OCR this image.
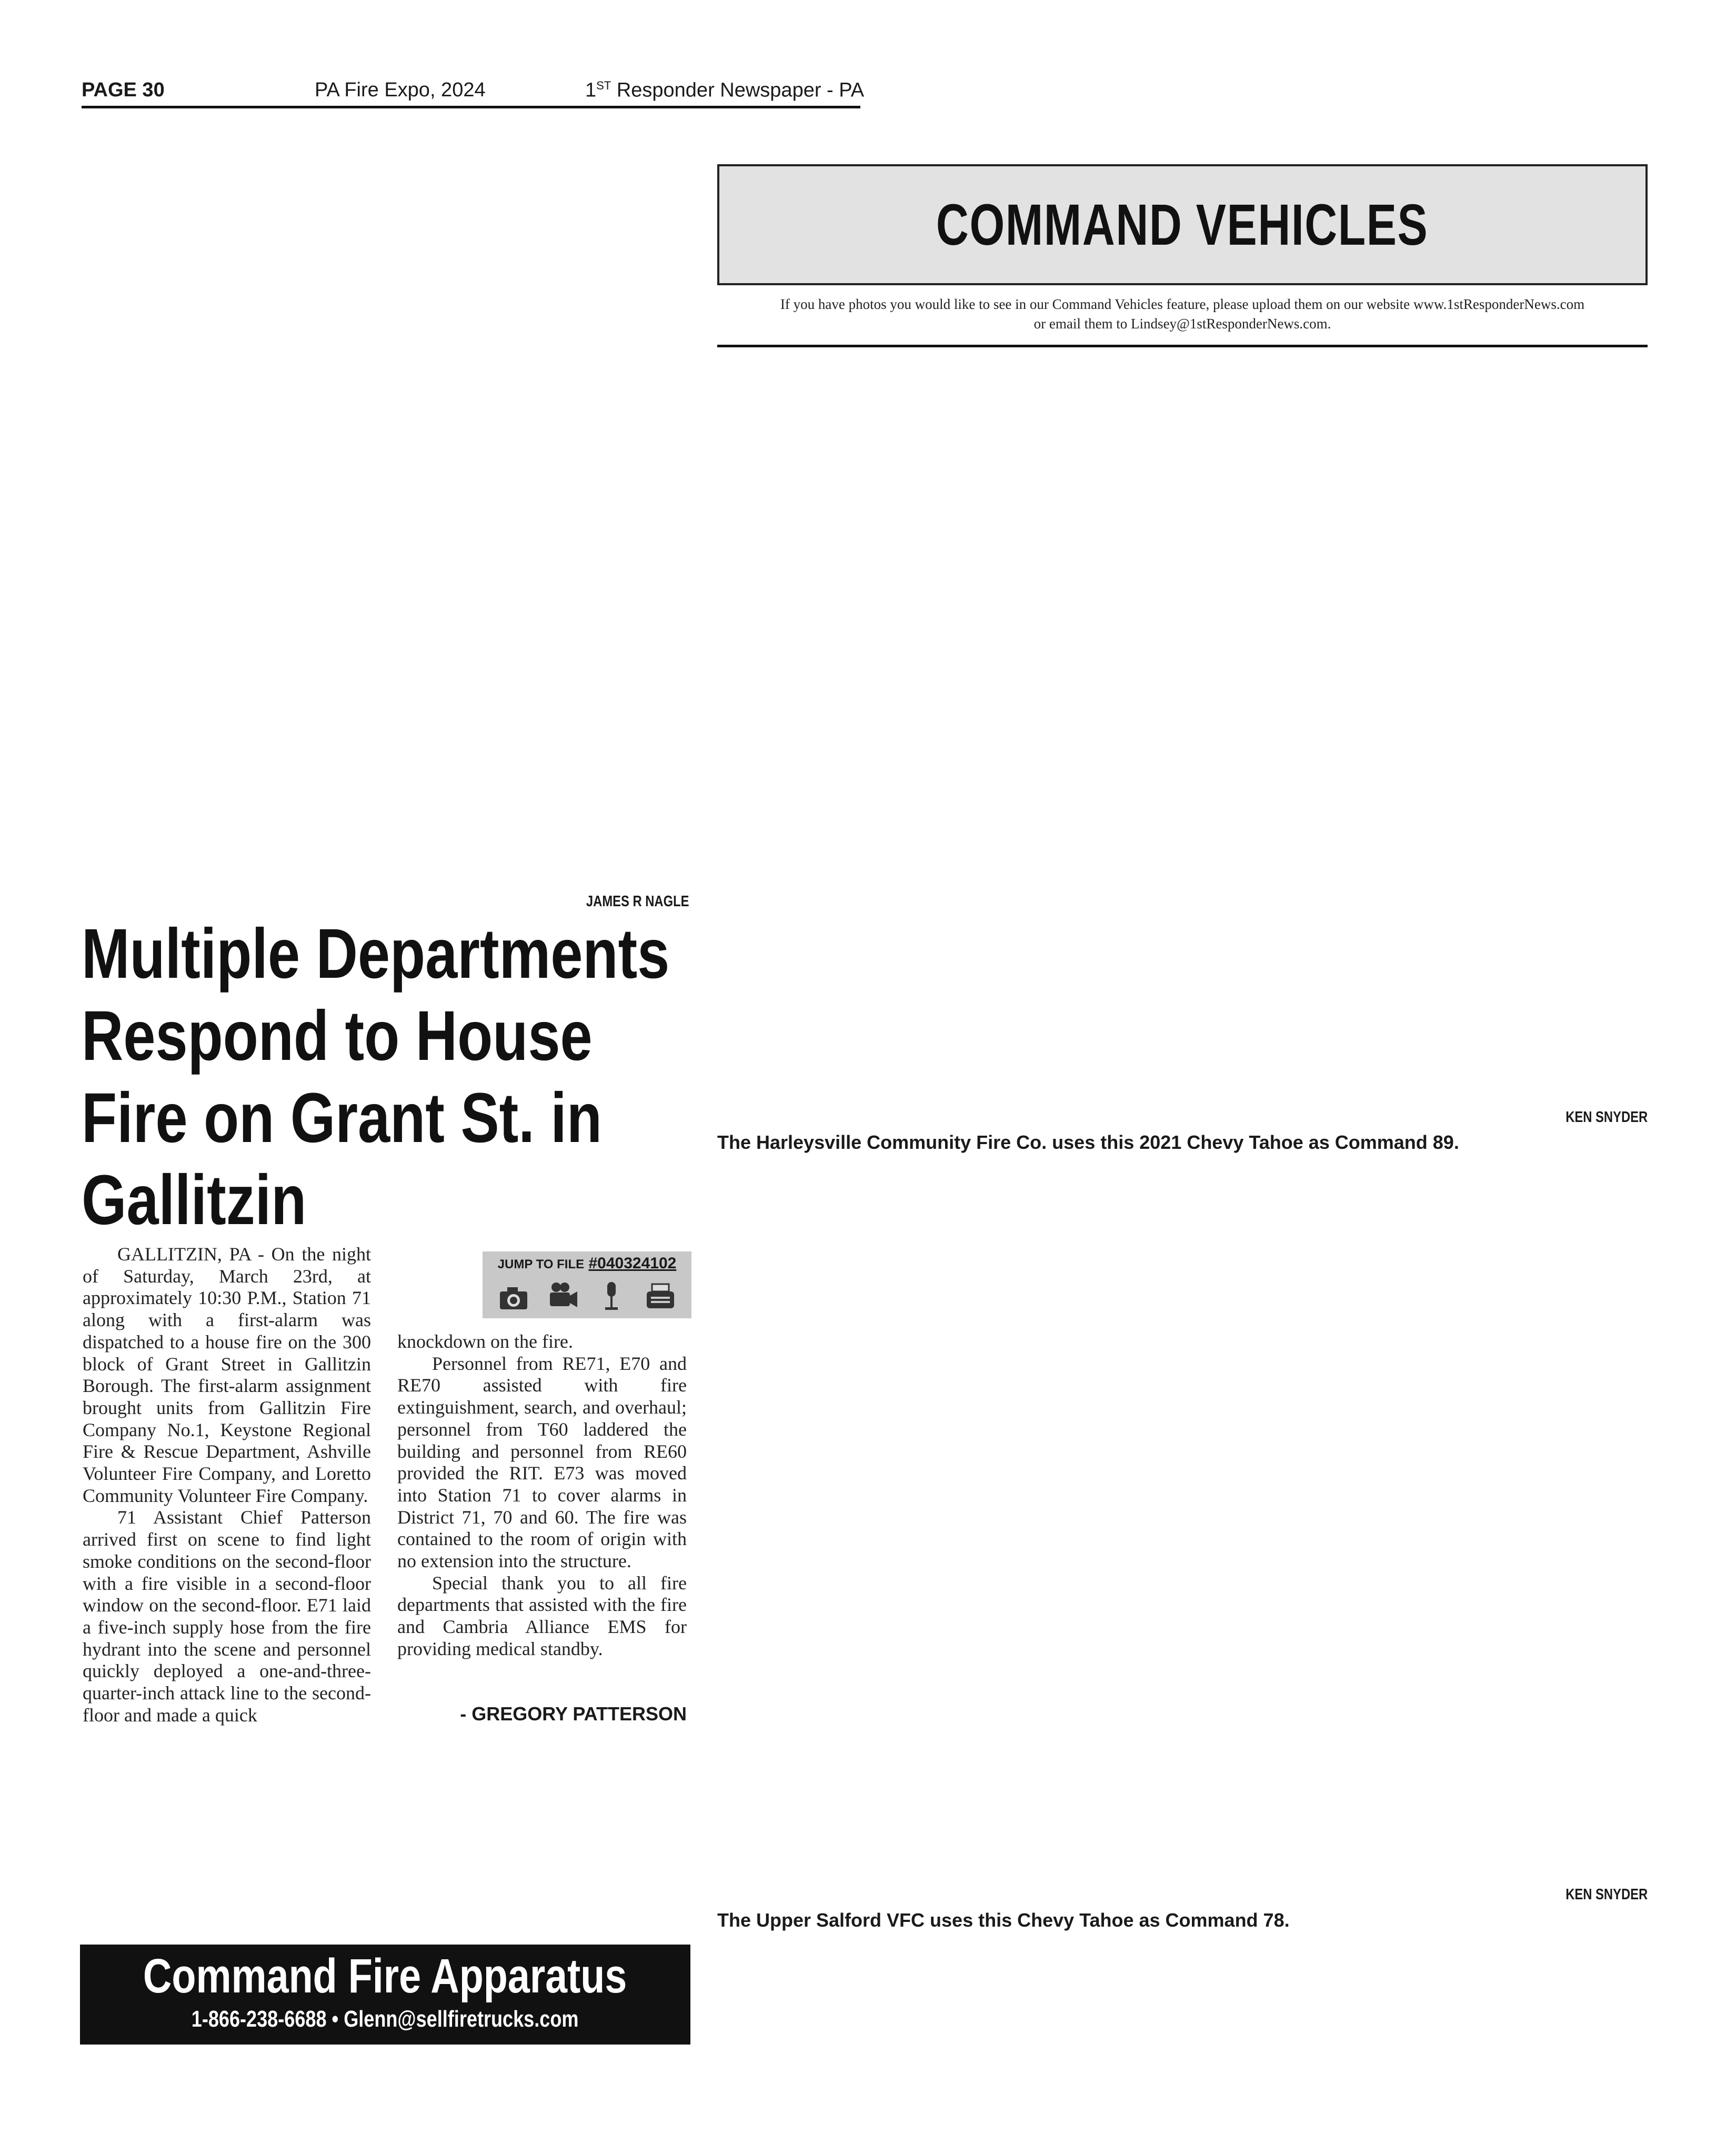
PAGE 30	PA Fire Expo, 2024	1ST Responder Newspaper - PA
COMMAND VEHICLES
If you have photos you would like to see in our Command Vehicles feature, please upload them on our website www.1stResponderNews.com
or email them to Lindsey@1stResponderNews.com.
KEN SNYDER
The Harleysville Community Fire Co. uses this 2021 Chevy Tahoe as Command 89.
KEN SNYDER
The Upper Salford VFC uses this Chevy Tahoe as Command 78.
JAMES R NAGLE
Multiple Departments
Respond to House
Fire on Grant St. in
Gallitzin

GALLITZIN, PA - On the night of Saturday, March 23rd, at approximately 10:30 P.M., Station 71 along with a first-alarm was dispatched to a house fire on the 300 block of Grant Street in Gallitzin Borough. The first-alarm assignment brought units from Gallitzin Fire Company No.1, Keystone Regional Fire & Rescue Department, Ashville Volunteer Fire Company, and Loretto Community Volunteer Fire Company.

71 Assistant Chief Patterson arrived first on scene to find light smoke conditions on the second-floor with a fire visible in a second-floor window on the second-floor. E71 laid a five-inch supply hose from the fire hydrant into the scene and personnel quickly deployed a one-and-three-quarter-inch attack line to the second-floor and made a quick

JUMP TO FILE #040324102

knockdown on the fire.

Personnel from RE71, E70 and RE70 assisted with fire extinguishment, search, and overhaul; personnel from T60 laddered the building and personnel from RE60 provided the RIT. E73 was moved into Station 71 to cover alarms in District 71, 70 and 60. The fire was contained to the room of origin with no extension into the structure.

Special thank you to all fire departments that assisted with the fire and Cambria Alliance EMS for providing medical standby.

- GREGORY PATTERSON
Command Fire Apparatus
1-866-238-6688 • Glenn@sellfiretrucks.com
